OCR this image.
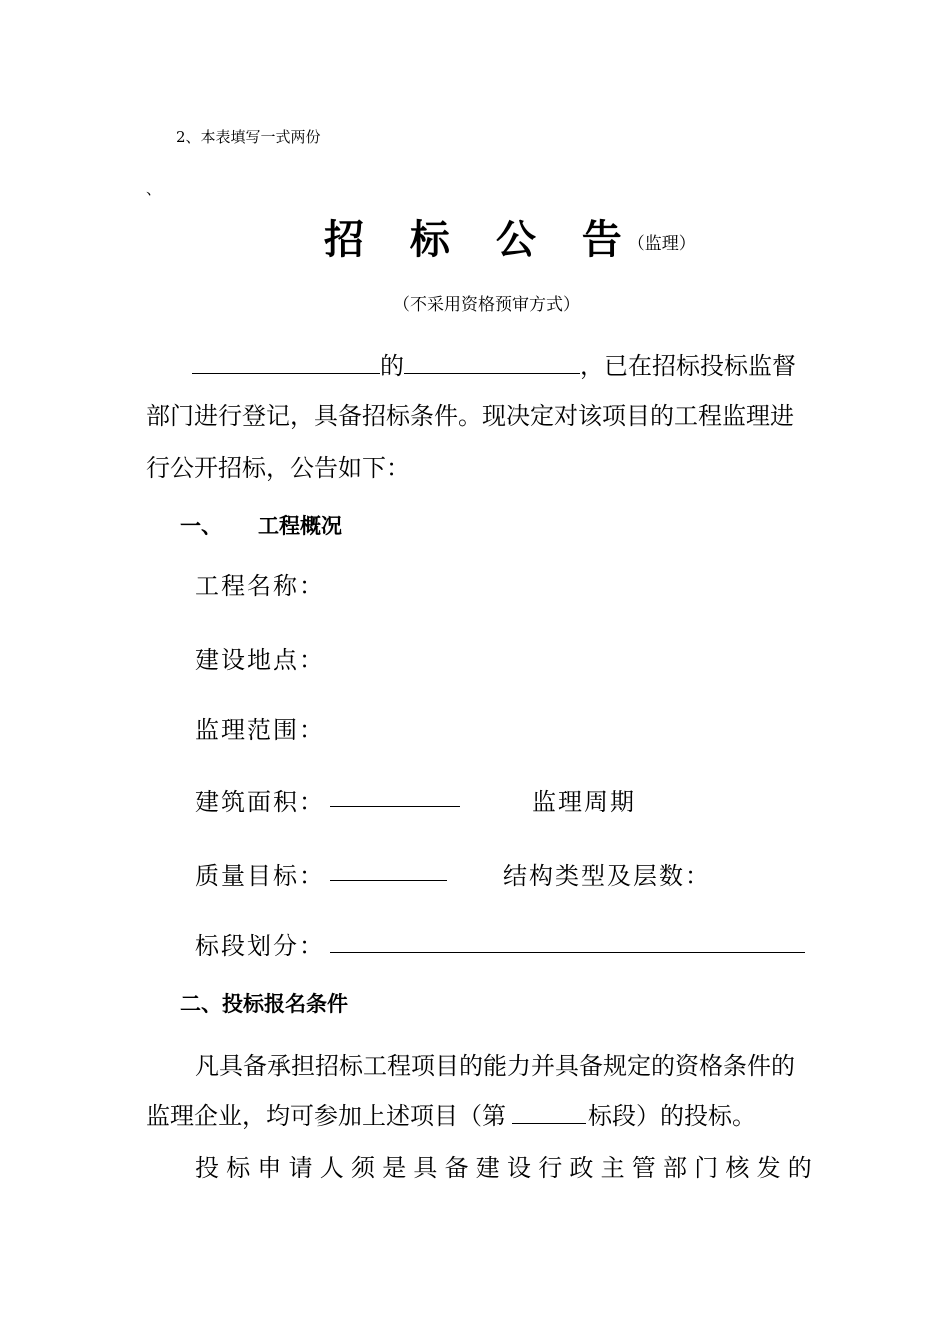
2、本表填写一式两份
、
招 标 公 告（监理）
（不采用资格预审方式）
的	，已在招标投标监督
部门进行登记，具备招标条件。现决定对该项目的工程监理进
行公开招标，公告如下：
一、 工程概况
工程名称：
建设地点：
监理范围：
建筑面积：	监理周期
质量目标：	结构类型及层数：
标段划分：
二、投标报名条件
凡具备承担招标工程项目的能力并具备规定的资格条件的
监理企业，均可参加上述项目（第	标段）的投标。
投标申请人须是具备建设行政主管部门核发的
